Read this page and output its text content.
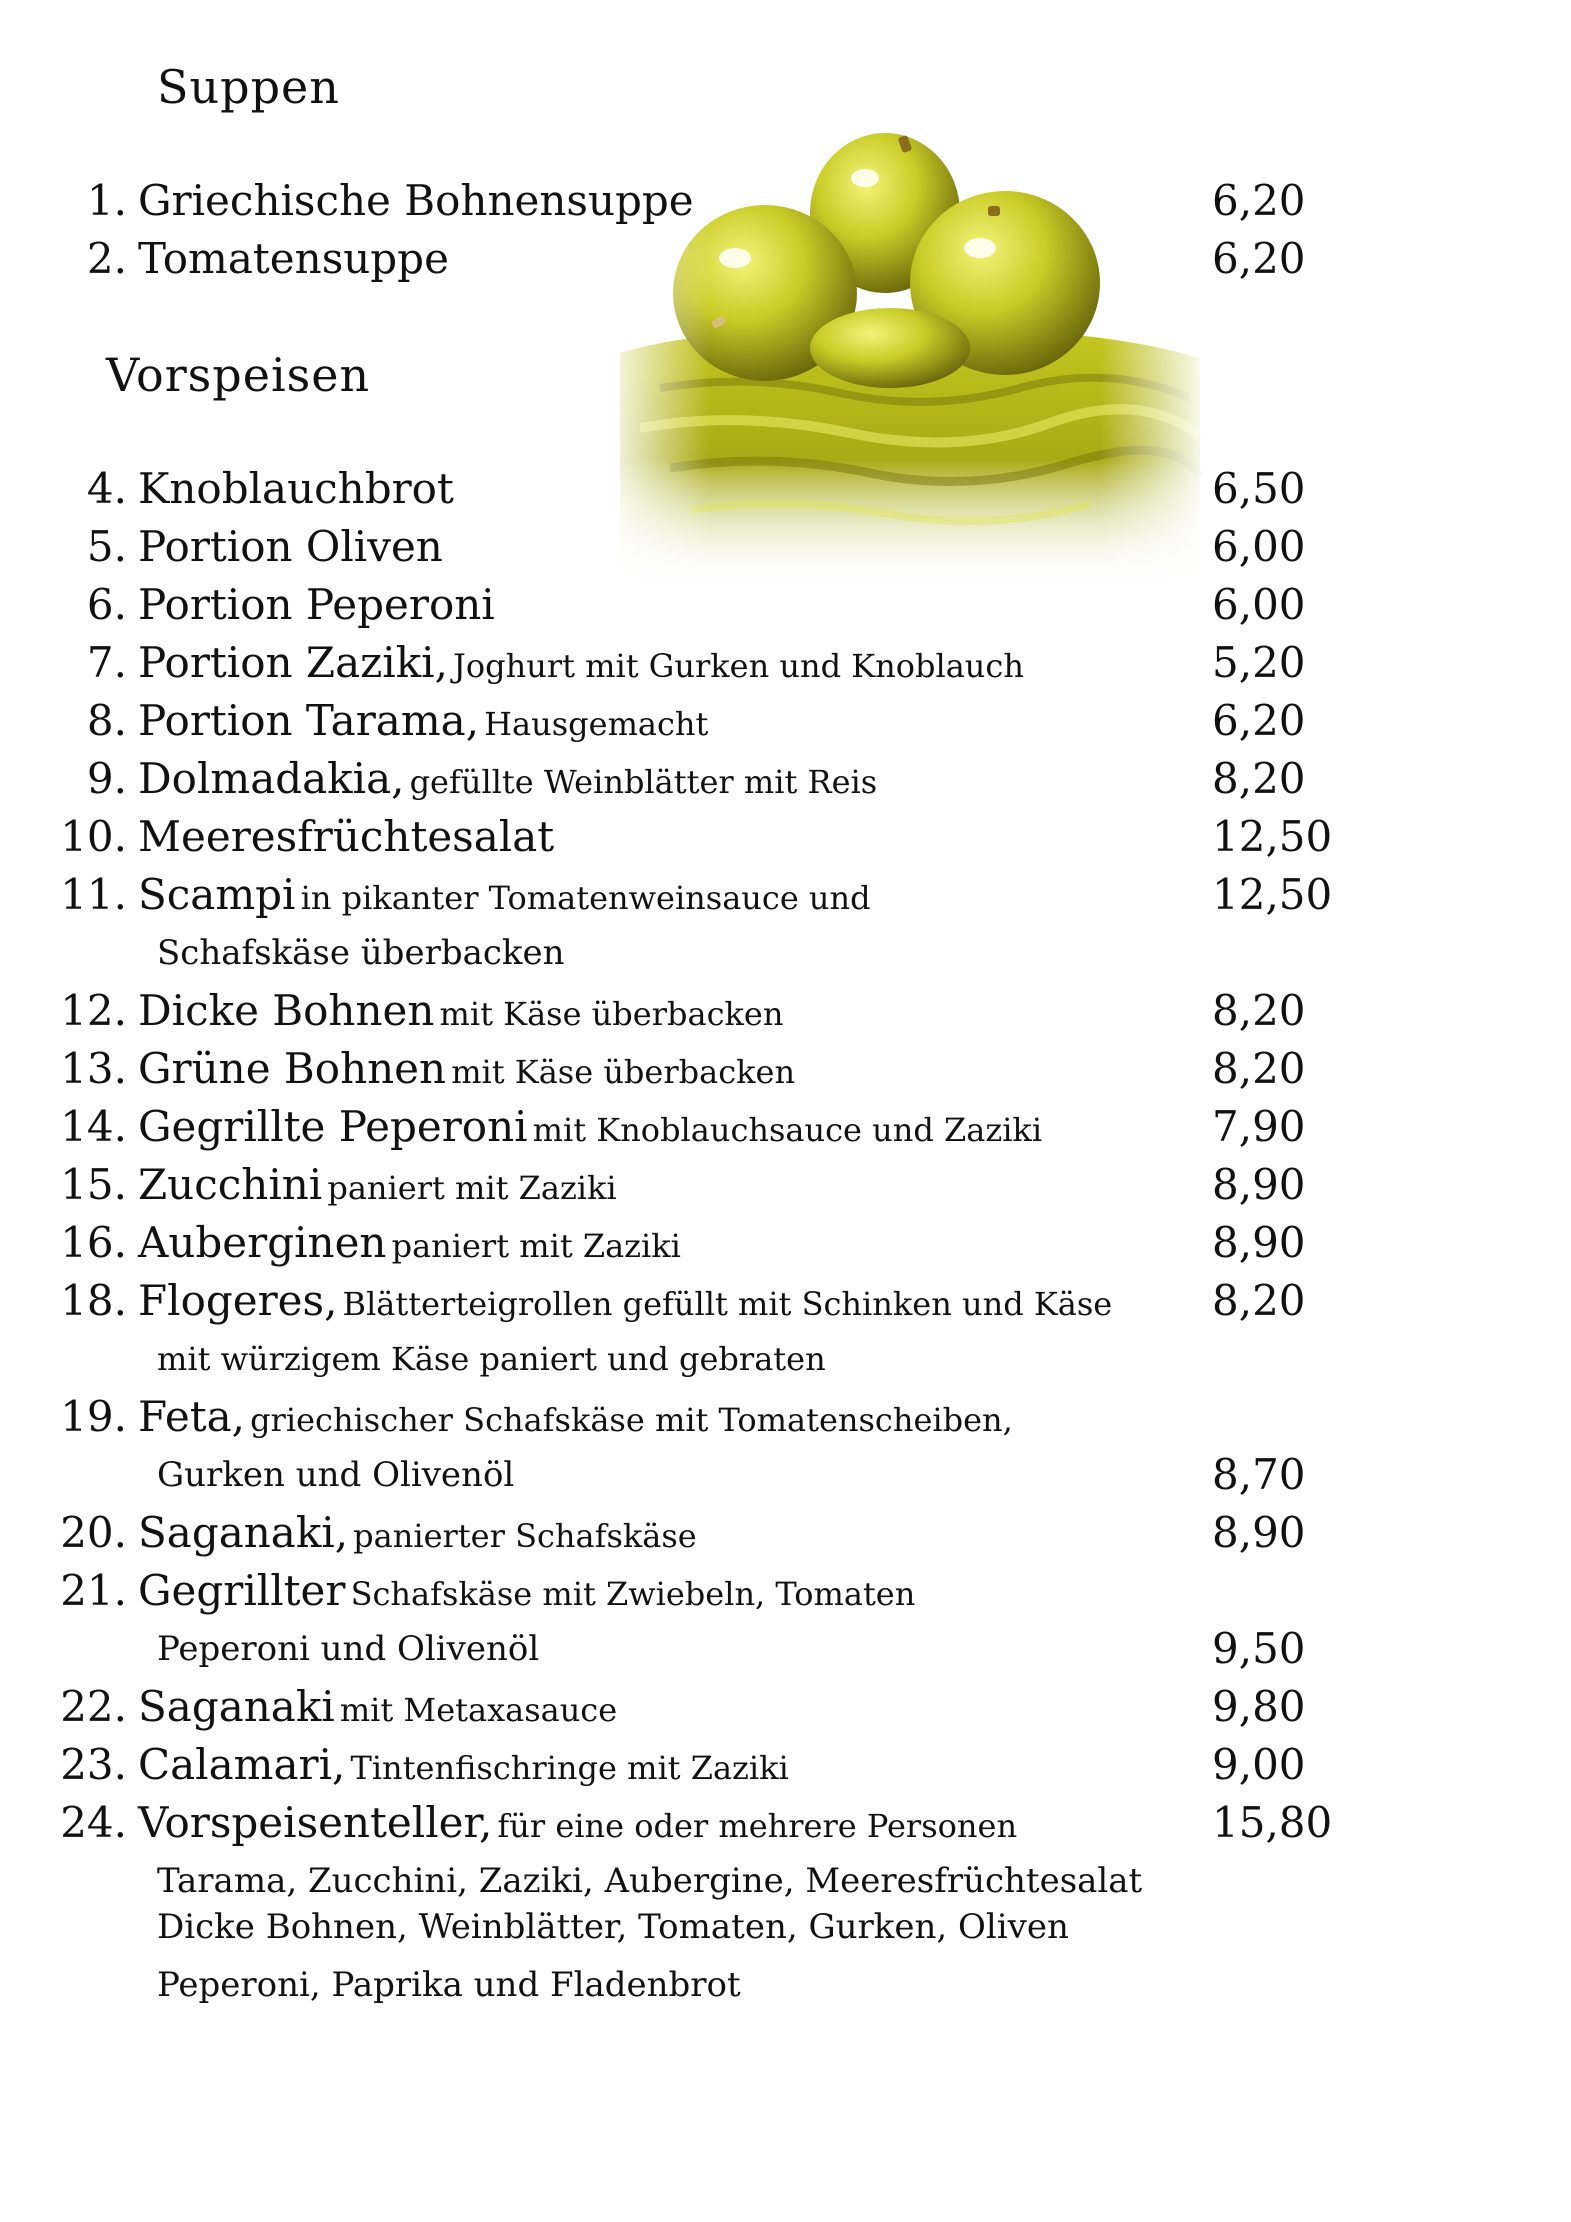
Suppen
1. Griechische Bohnensuppe	6,20
2. Tomatensuppe	6,20
Vorspeisen
4. Knoblauchbrot	6,50
5. Portion Oliven	6,00
6. Portion Peperoni	6,00
7. Portion Zaziki, Joghurt mit Gurken und Knoblauch	5,20
8. Portion Tarama, Hausgemacht	6,20
9. Dolmadakia, gefüllte Weinblätter mit Reis	8,20
10. Meeresfrüchtesalat	12,50
11. Scampi in pikanter Tomatenweinsauce und	12,50
Schafskäse überbacken
12. Dicke Bohnen mit Käse überbacken	8,20
13. Grüne Bohnen mit Käse überbacken	8,20
14. Gegrillte Peperoni mit Knoblauchsauce und Zaziki	7,90
15. Zucchini paniert mit Zaziki	8,90
16. Auberginen paniert mit Zaziki	8,90
18. Flogeres, Blätterteigrollen gefüllt mit Schinken und Käse 8,20
mit würzigem Käse paniert und gebraten
19. Feta, griechischer Schafskäse mit Tomatenscheiben,
Gurken und Olivenöl	8,70
20. Saganaki, panierter Schafskäse	8,90
21. Gegrillter Schafskäse mit Zwiebeln, Tomaten
Peperoni und Olivenöl	9,50
22. Saganaki mit Metaxasauce	9,80
23. Calamari, Tintenfischringe mit Zaziki	9,00
24. Vorspeisenteller, für eine oder mehrere Personen	15,80
Tarama, Zucchini, Zaziki, Aubergine, Meeresfrüchtesalat
Dicke Bohnen, Weinblätter, Tomaten, Gurken, Oliven
Peperoni, Paprika und Fladenbrot
